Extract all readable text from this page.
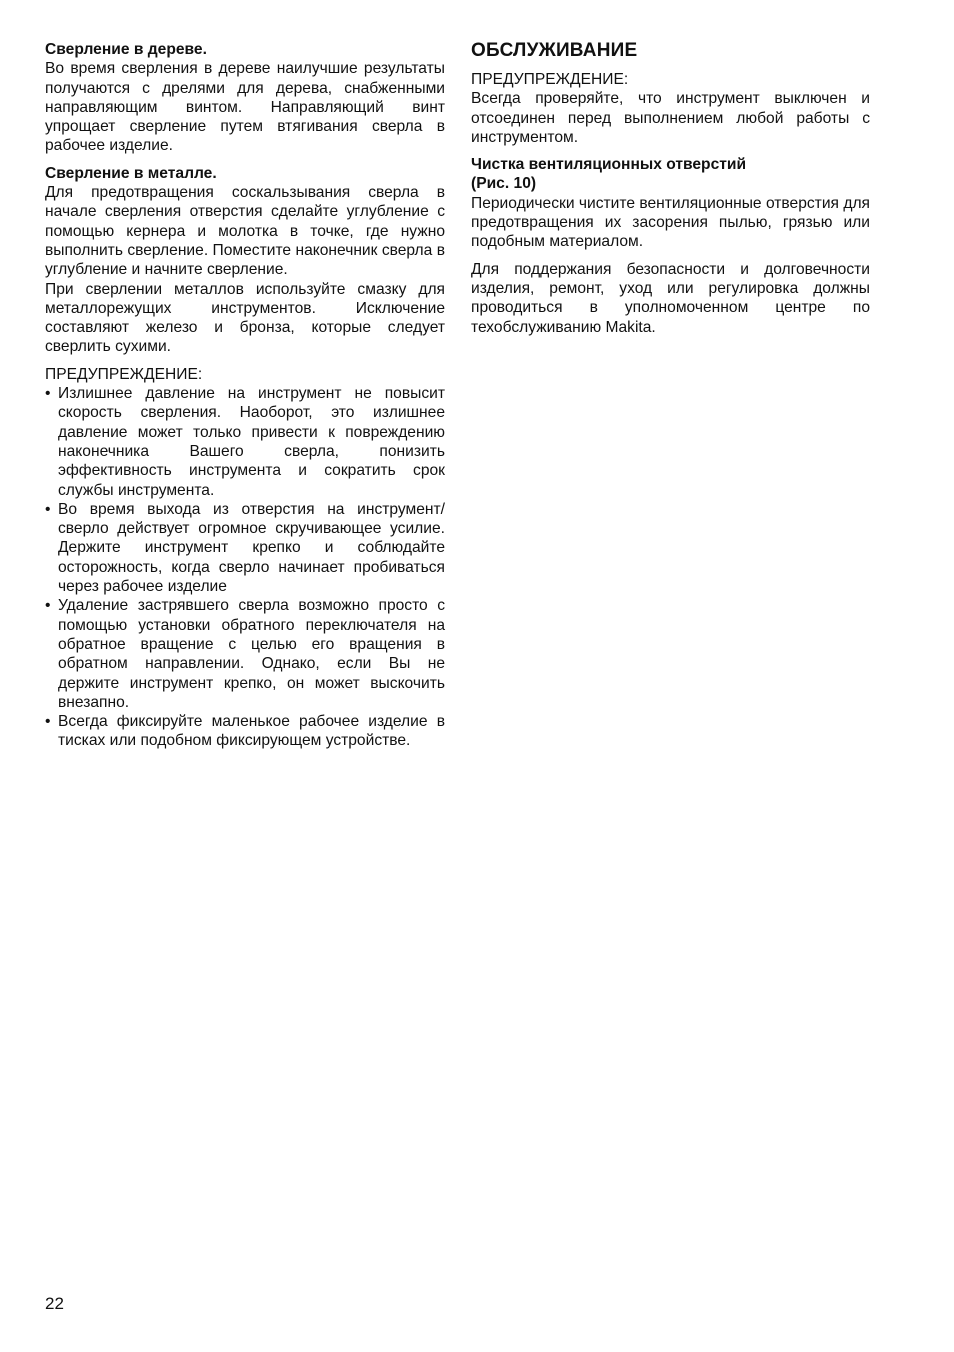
Сверление в дереве.

Во время сверления в дереве наилучшие результаты получаются с дрелями для дерева, снабженными направляющим винтом. Направляющий винт упрощает сверление путем втягивания сверла в рабочее изделие.

Сверление в металле.

Для предотвращения соскальзывания сверла в начале сверления отверстия сделайте углубление с помощью кернера и молотка в точке, где нужно выполнить сверление. Поместите наконечник сверла в углубление и начните сверление.

При сверлении металлов используйте смазку для металлорежущих инструментов. Исключение составляют железо и бронза, которые следует сверлить сухими.

ПРЕДУПРЕЖДЕНИЕ:

• Излишнее давление на инструмент не повысит скорость сверления. Наоборот, это излишнее давление может только привести к повреждению наконечника Вашего сверла, понизить эффективность инструмента и сократить срок службы инструмента.
• Во время выхода из отверстия на инструмент/сверло действует огромное скручивающее усилие. Держите инструмент крепко и соблюдайте осторожность, когда сверло начинает пробиваться через рабочее изделие
• Удаление застрявшего сверла возможно просто с помощью установки обратного переключателя на обратное вращение с целью его вращения в обратном направлении. Однако, если Вы не держите инструмент крепко, он может выскочить внезапно.
• Всегда фиксируйте маленькое рабочее изделие в тисках или подобном фиксирующем устройстве.
ОБСЛУЖИВАНИЕ

ПРЕДУПРЕЖДЕНИЕ:

Всегда проверяйте, что инструмент выключен и отсоединен перед выполнением любой работы с инструментом.

Чистка вентиляционных отверстий
(Рис. 10)

Периодически чистите вентиляционные отверстия для предотвращения их засорения пылью, грязью или подобным материалом.

Для поддержания безопасности и долговечности изделия, ремонт, уход или регулировка должны проводиться в уполномоченном центре по техобслуживанию Makita.

22
